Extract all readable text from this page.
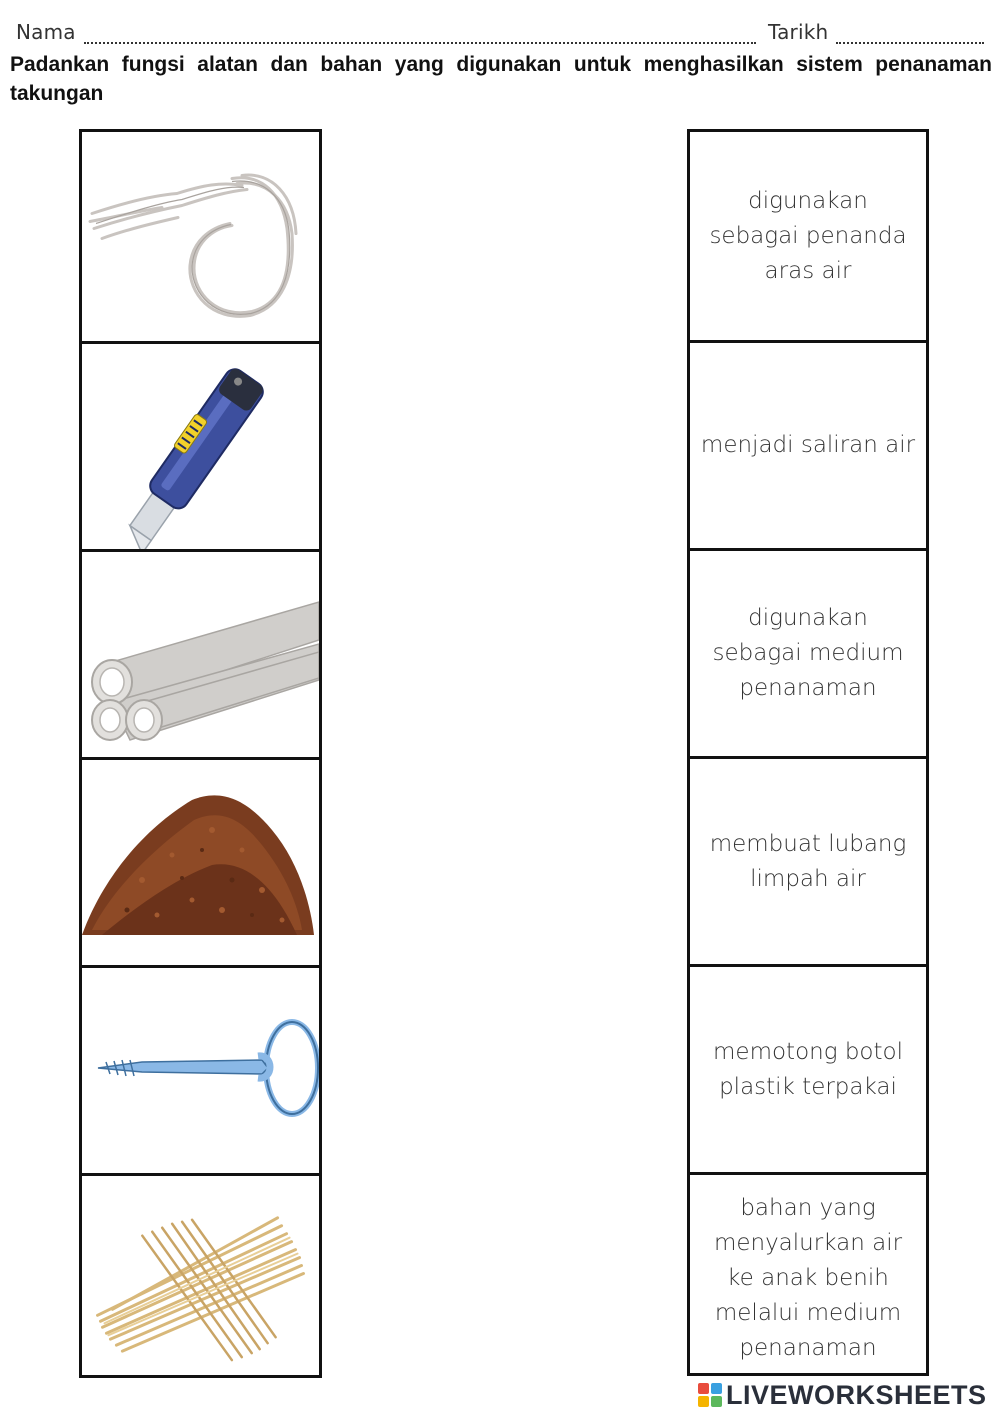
Nama	Tarikh
Padankan fungsi alatan dan bahan yang digunakan untuk menghasilkan sistem penanaman takungan
digunakan sebagai penanda aras air
menjadi saliran air
digunakan sebagai medium penanaman
membuat lubang limpah air
memotong botol plastik terpakai
bahan yang menyalurkan air ke anak benih melalui medium penanaman
LIVEWORKSHEETS
